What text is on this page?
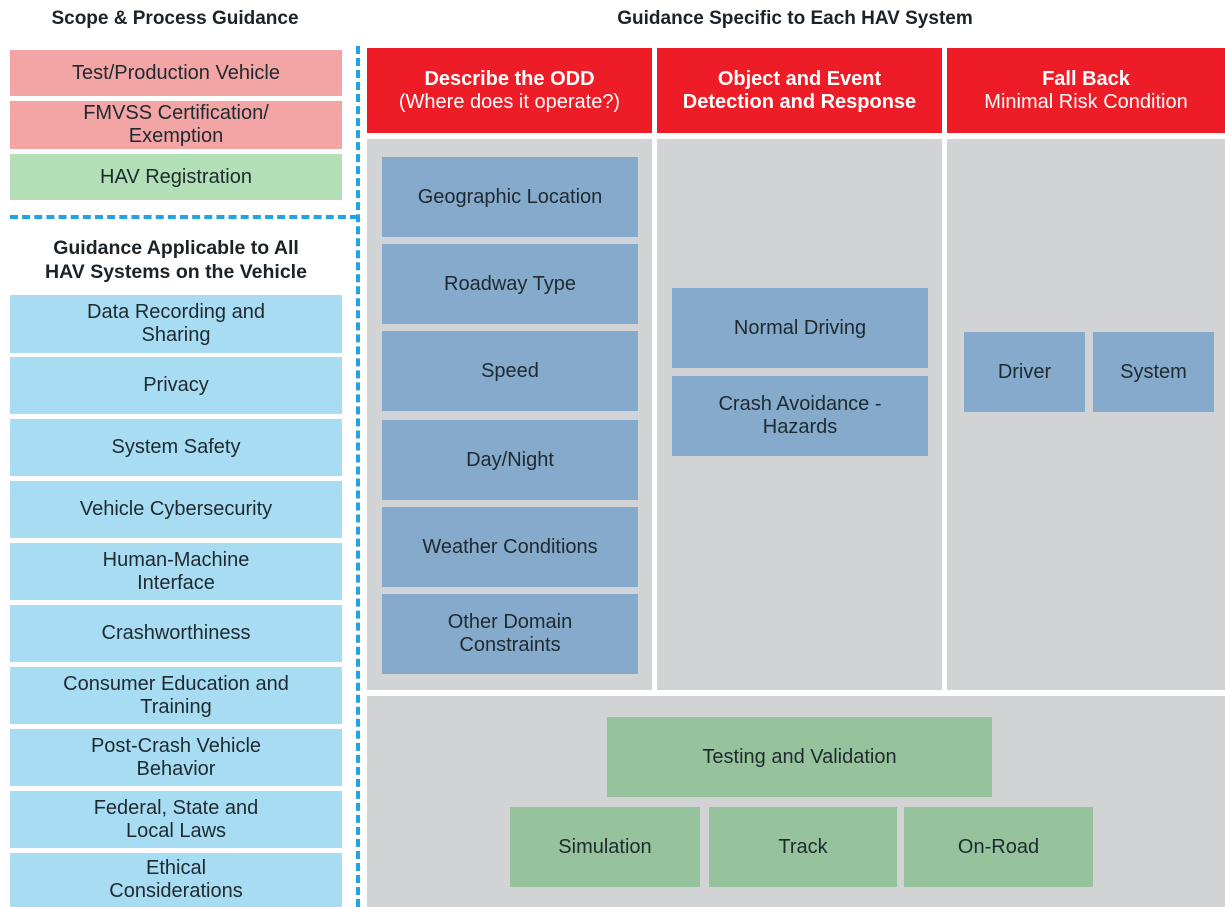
Scope & Process Guidance	Guidance Specific to Each HAV System
Test/Production Vehicle
FMVSS Certification/
Exemption
HAV Registration
Guidance Applicable to All
HAV Systems on the Vehicle
Data Recording and
Sharing
Privacy
System Safety
Vehicle Cybersecurity
Human-Machine
Interface
Crashworthiness
Consumer Education and
Training
Post-Crash Vehicle
Behavior
Federal, State and
Local Laws
Ethical
Considerations
Describe the ODD
(Where does it operate?)
Object and Event
Detection and Response
Fall Back
Minimal Risk Condition
Geographic Location
Roadway Type
Speed
Day/Night
Weather Conditions
Other Domain
Constraints
Normal Driving
Crash Avoidance -
Hazards
Driver	System
Testing and Validation
Simulation	Track	On-Road
